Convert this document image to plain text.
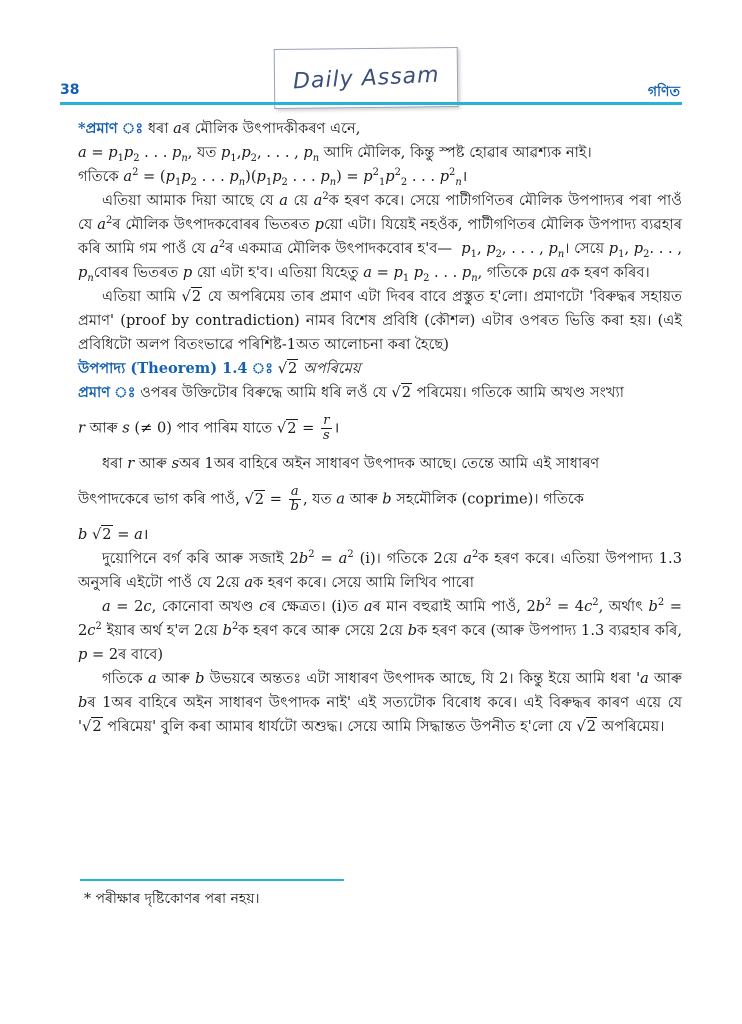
Daily Assam
38	গণিত

*প্ৰমাণ ঃ ধৰা aৰ মৌলিক উৎপাদকীকৰণ এনে,

$a = p_1p_2$ . . . $p_n$, যত $p_1,p_2$, . . . , $p_n$ আদি মৌলিক, কিন্তু স্পষ্ট হোৱাৰ আৱশ্যক নাই।

গতিকে $a^2 = (p_1p_2$ . . . $p_n)(p_1p_2$ . . . $p_n) = p^2_1p^2_2$ . . . $p^2_n।$

এতিয়া আমাক দিয়া আছে যে a য়ে $a^2ক$ হৰণ কৰে। সেয়ে পাটীগণিতৰ মৌলিক উপপাদ্যৰ পৰা পাওঁ যে $a^2ৰ$ মৌলিক উৎপাদকবোৰৰ ভিতৰত pয়ো এটা। যিয়েই নহওঁক, পাটীগণিতৰ মৌলিক উপপাদ্য ব্যৱহাৰ কৰি আমি গম পাওঁ যে $a^2ৰ$ একমাত্ৰ মৌলিক উৎপাদকবোৰ হ'ব— $p_1$, $p_2$, . . . , $p_n।$ সেয়ে $p_1$, $p_2$. . . , $p_nবোৰৰ$ ভিতৰত p য়ো এটা হ'ব। এতিয়া যিহেতু $a = p_1$ $p_2$ . . . $p_n$, গতিকে pয়ে aক হৰণ কৰিব।

এতিয়া আমি √2 যে অপৰিমেয় তাৰ প্ৰমাণ এটা দিবৰ বাবে প্ৰস্তুত হ'লো। প্ৰমাণটো 'বিৰুদ্ধৰ সহায়ত প্ৰমাণ' (proof by contradiction) নামৰ বিশেষ প্ৰবিধি (কৌশল) এটাৰ ওপৰত ভিত্তি কৰা হয়। (এই প্ৰবিধিটো অলপ বিতংভাৱে পৰিশিষ্ট-1অত আলোচনা কৰা হৈছে)

উপপাদ্য (Theorem) 1.4 ঃ √2 অপৰিমেয়

প্ৰমাণ ঃ ওপৰৰ উক্তিটোৰ বিৰুদ্ধে আমি ধৰি লওঁ যে √2 পৰিমেয়। গতিকে আমি অখণ্ড সংখ্যা

r আৰু s (≠ 0) পাব পাৰিম যাতে $√2 = \frac{r}{s}$ ।

ধৰা r আৰু sঅৰ 1অৰ বাহিৰে অইন সাধাৰণ উৎপাদক আছে। তেন্তে আমি এই সাধাৰণ

উৎপাদকেৰে ভাগ কৰি পাওঁ, $√2 = \frac{a}{b}$ , যত a আৰু b সহমৌলিক (coprime)। গতিকে

b √2 = a।

দুয়োপিনে বৰ্গ কৰি আৰু সজাই $2b^2 = a^2$ (i)। গতিকে 2য়ে $a^2ক$ হৰণ কৰে। এতিয়া উপপাদ্য 1.3 অনুসৰি এইটো পাওঁ যে 2য়ে aক হৰণ কৰে। সেয়ে আমি লিখিব পাৰো

a = 2c, কোনোবা অখণ্ড cৰ ক্ষেত্ৰত। (i)ত aৰ মান বহুৱাই আমি পাওঁ, $2b^2 = 4c^2$, অৰ্থাৎ $b^2 = 2c^2$ ইয়াৰ অৰ্থ হ'ল 2য়ে $b^2ক$ হৰণ কৰে আৰু সেয়ে 2য়ে bক হৰণ কৰে (আৰু উপপাদ্য 1.3 ব্যৱহাৰ কৰি, p = 2ৰ বাবে)

গতিকে a আৰু b উভয়ৰে অন্ততঃ এটা সাধাৰণ উৎপাদক আছে, যি 2। কিন্তু ইয়ে আমি ধৰা 'a আৰু bৰ 1অৰ বাহিৰে অইন সাধাৰণ উৎপাদক নাই' এই সত্যটোক বিৰোধ কৰে। এই বিৰুদ্ধৰ কাৰণ এয়ে যে '√2 পৰিমেয়' বুলি কৰা আমাৰ ধাৰ্যটো অশুদ্ধ। সেয়ে আমি সিদ্ধান্তত উপনীত হ'লো যে √2 অপৰিমেয়।

* পৰীক্ষাৰ দৃষ্টিকোণৰ পৰা নহয়।
